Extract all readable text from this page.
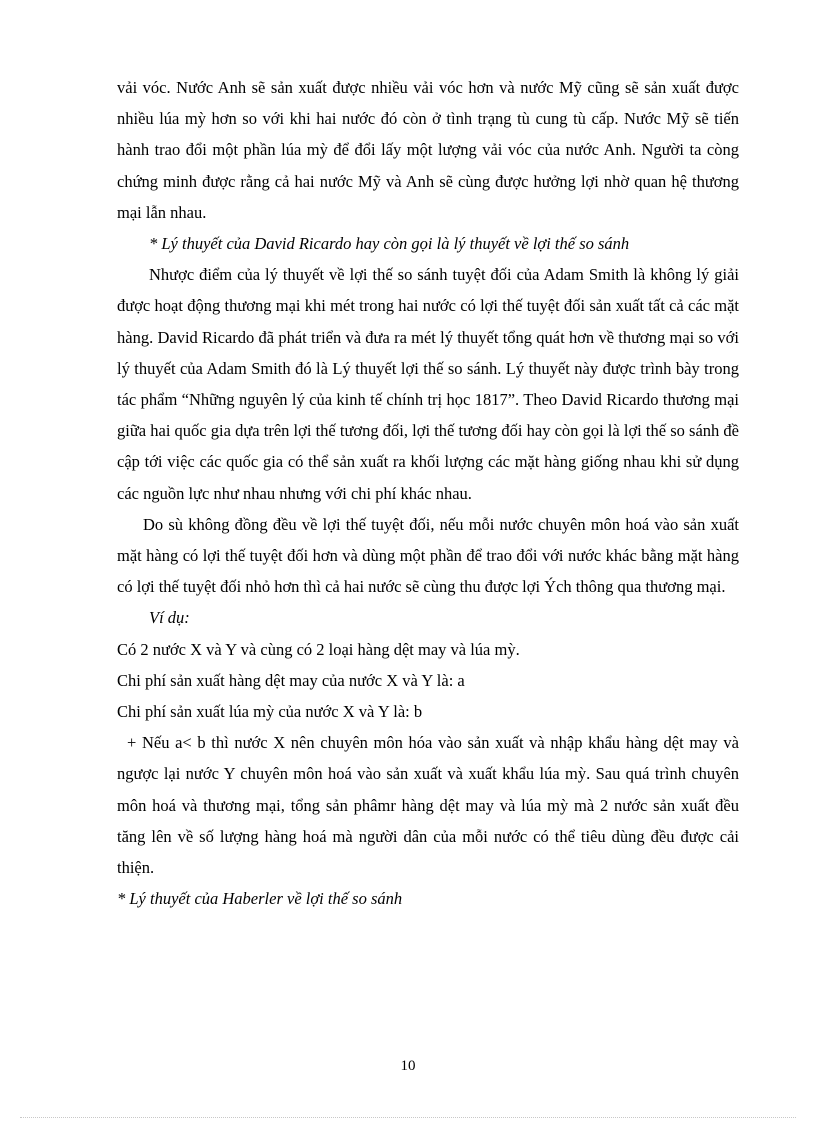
vải vóc. Nước Anh sẽ sản xuất được nhiều vải vóc hơn và nước Mỹ cũng sẽ sản xuất được nhiều lúa mỳ hơn so với khi hai nước đó còn ở tình trạng tù cung tù cấp. Nước Mỹ sẽ tiến hành trao đổi một phần lúa mỳ để đổi lấy một lượng vải vóc của nước Anh. Người ta còng chứng minh được rằng cả hai nước Mỹ và Anh sẽ cùng được hưởng lợi nhờ quan hệ thương mại lẫn nhau.

* Lý thuyết của David Ricardo hay còn gọi là lý thuyết về lợi thế so sánh

Nhược điểm của lý thuyết về lợi thế so sánh tuyệt đối của Adam Smith là không lý giải được hoạt động thương mại khi mét trong hai nước có lợi thế tuyệt đối sản xuất tất cả các mặt hàng. David Ricardo đã phát triển và đưa ra mét lý thuyết tổng quát hơn về thương mại so với lý thuyết của Adam Smith đó là Lý thuyết lợi thế so sánh. Lý thuyết này được trình bày trong tác phẩm “Những nguyên lý của kinh tế chính trị học 1817”. Theo David Ricardo thương mại giữa hai quốc gia dựa trên lợi thế tương đối, lợi thế tương đối hay còn gọi là lợi thế so sánh đề cập tới việc các quốc gia có thể sản xuất ra khối lượng các mặt hàng giống nhau khi sử dụng các nguồn lực như nhau nhưng với chi phí khác nhau.

Do sù không đồng đều về lợi thế tuyệt đối, nếu mỗi nước chuyên môn hoá vào sản xuất mặt hàng có lợi thế tuyệt đối hơn và dùng một phần để trao đổi với nước khác bằng mặt hàng có lợi thế tuyệt đối nhỏ hơn thì cả hai nước sẽ cùng thu được lợi Ých thông qua thương mại.

Ví dụ:

Có 2 nước X và Y và cùng có 2 loại hàng dệt may và lúa mỳ.

Chi phí sản xuất hàng dệt may của nước X và Y là: a

Chi phí sản xuất lúa mỳ của nước X và Y là: b

+ Nếu a< b thì nước X nên chuyên môn hóa vào sản xuất và nhập khẩu hàng dệt may và ngược lại nước Y chuyên môn hoá vào sản xuất và xuất khẩu lúa mỳ. Sau quá trình chuyên môn hoá và thương mại, tổng sản phâmr hàng dệt may và lúa mỳ mà 2 nước sản xuất đều tăng lên về số lượng hàng hoá mà người dân của mỗi nước có thể tiêu dùng đều được cải thiện.

* Lý thuyết của Haberler về lợi thế so sánh

10
